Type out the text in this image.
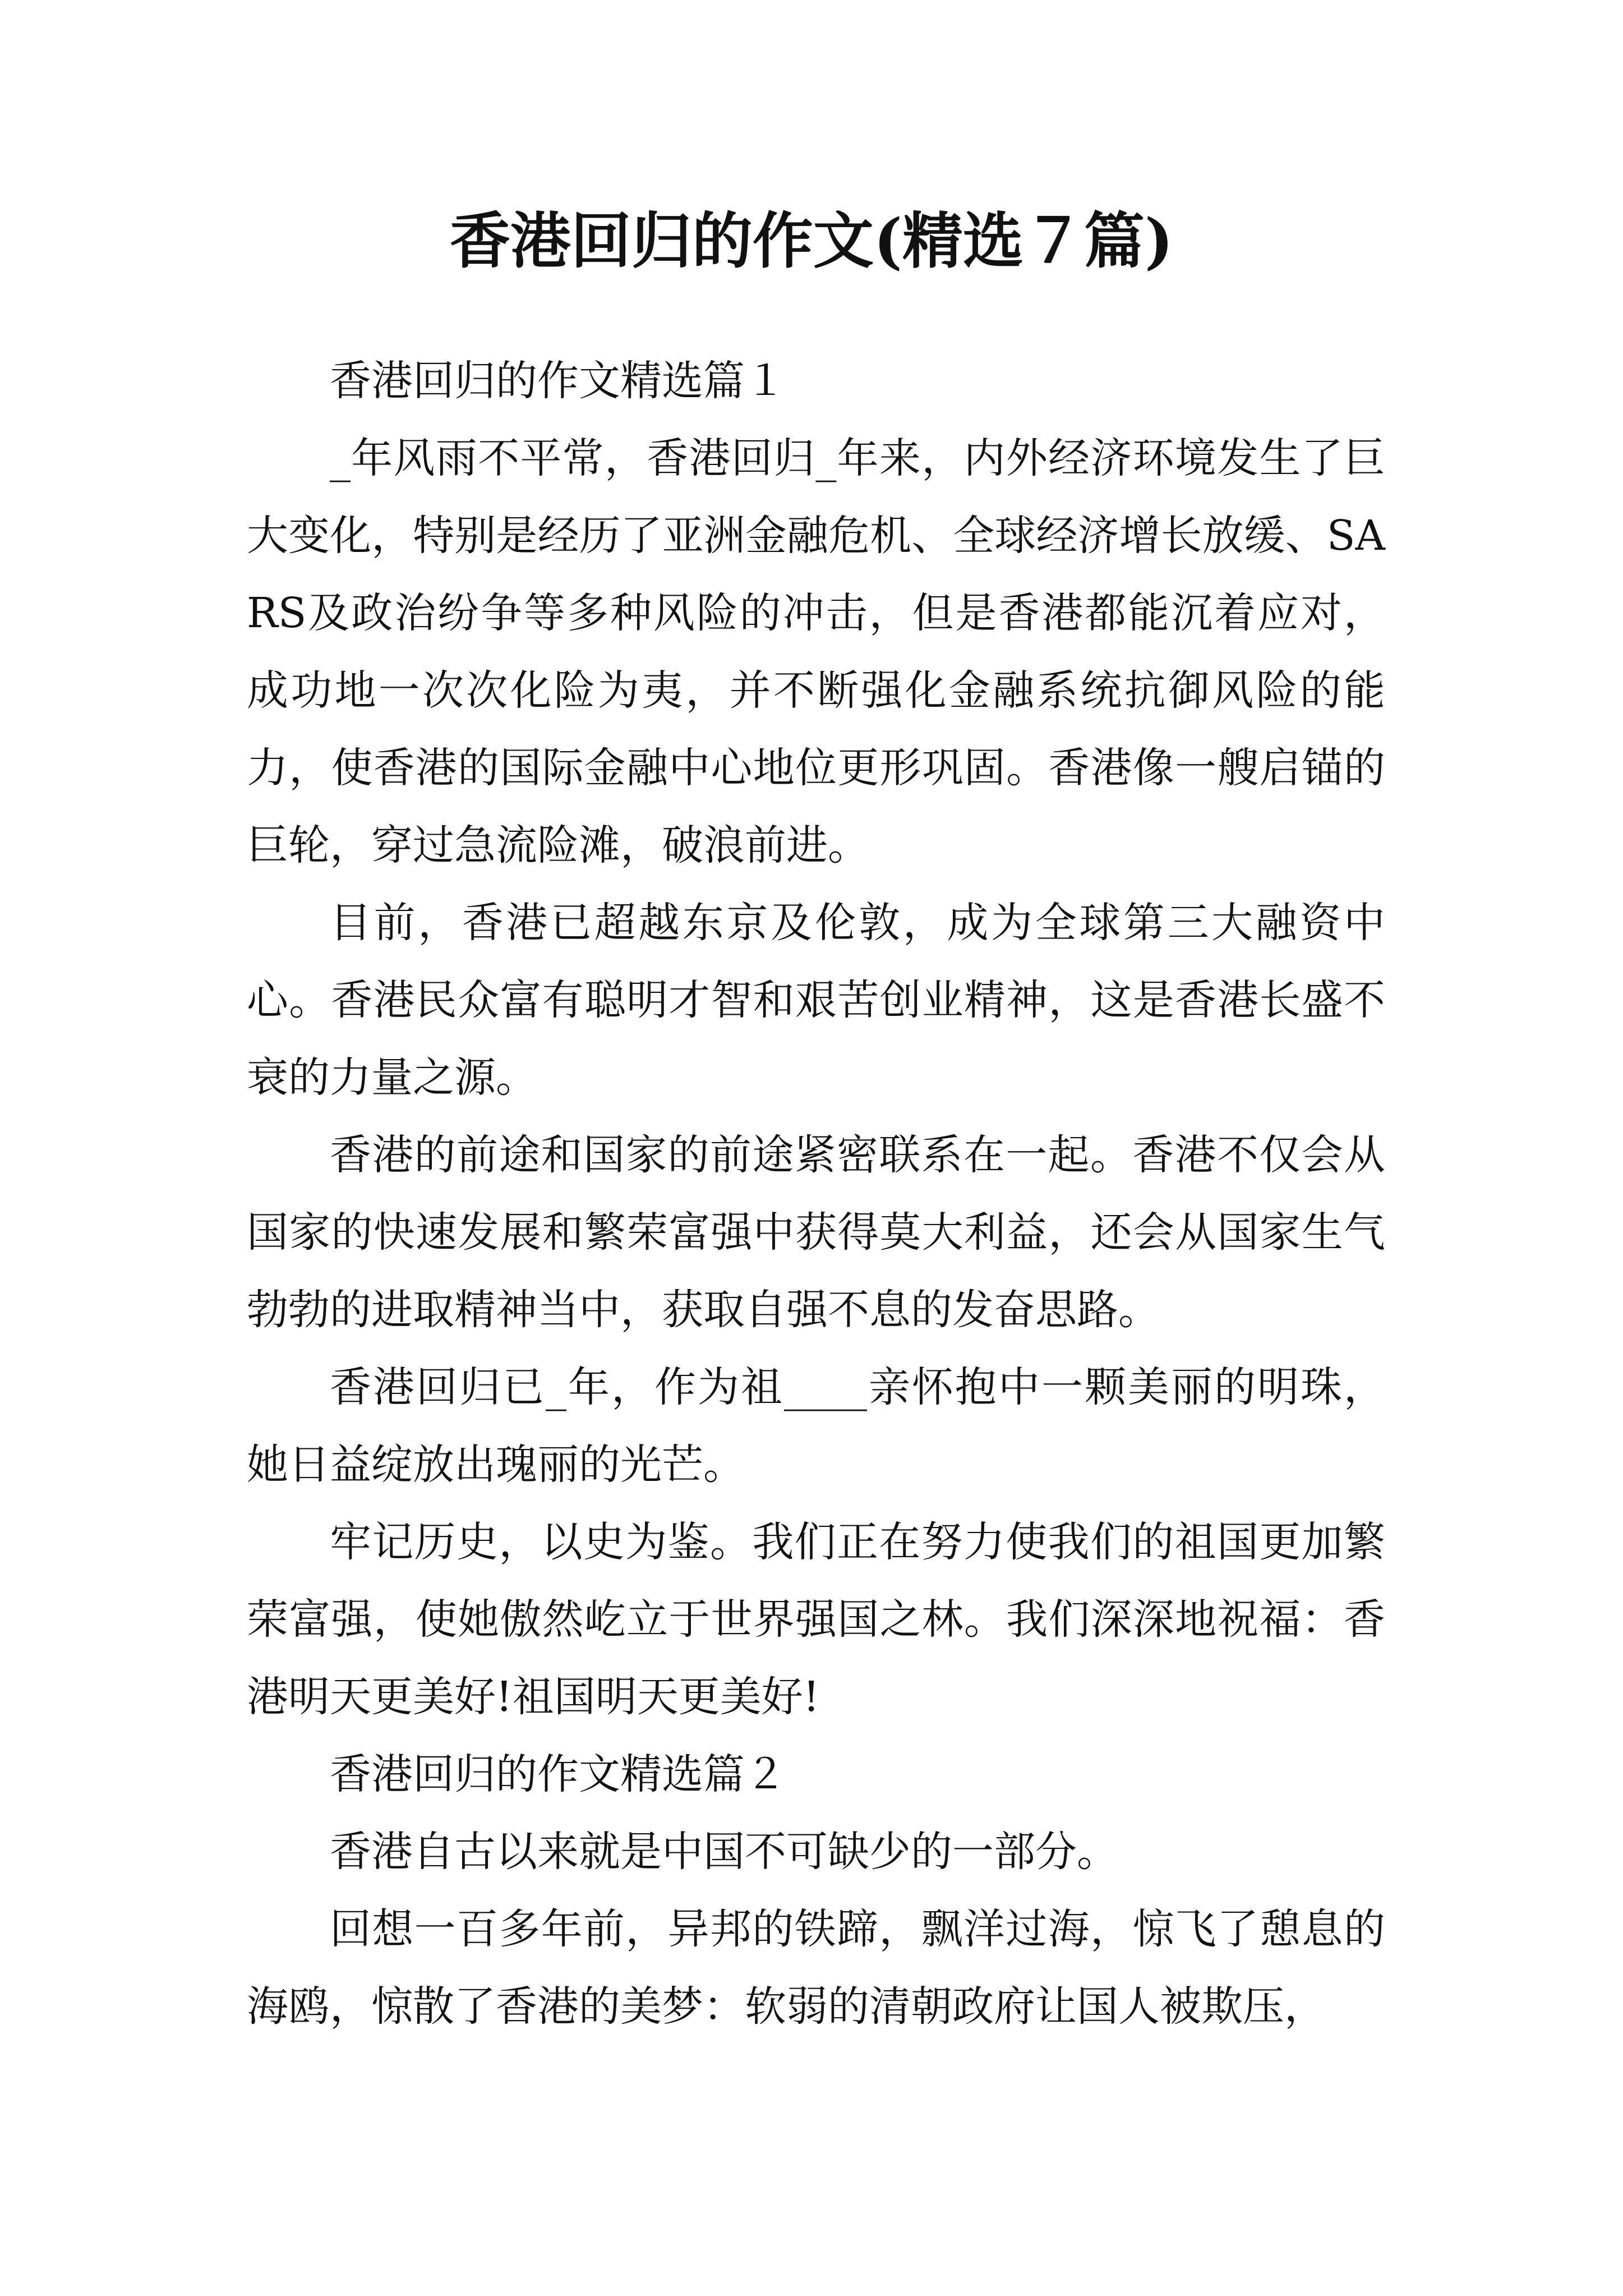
香港回归的作文(精选７篇)

香港回归的作文精选篇１

_年风雨不平常，香港回归_年来，内外经济环境发生了巨大变化，特别是经历了亚洲金融危机、全球经济增长放缓、SARS及政治纷争等多种风险的冲击，但是香港都能沉着应对，成功地一次次化险为夷，并不断强化金融系统抗御风险的能力，使香港的国际金融中心地位更形巩固。香港像一艘启锚的巨轮，穿过急流险滩，破浪前进。

目前，香港已超越东京及伦敦，成为全球第三大融资中心。香港民众富有聪明才智和艰苦创业精神，这是香港长盛不衰的力量之源。

香港的前途和国家的前途紧密联系在一起。香港不仅会从国家的快速发展和繁荣富强中获得莫大利益，还会从国家生气勃勃的进取精神当中，获取自强不息的发奋思路。

香港回归已_年，作为祖____亲怀抱中一颗美丽的明珠，她日益绽放出瑰丽的光芒。

牢记历史，以史为鉴。我们正在努力使我们的祖国更加繁荣富强，使她傲然屹立于世界强国之林。我们深深地祝福：香港明天更美好!祖国明天更美好!

香港回归的作文精选篇２

香港自古以来就是中国不可缺少的一部分。

回想一百多年前，异邦的铁蹄，飘洋过海，惊飞了憩息的海鸥，惊散了香港的美梦：软弱的清朝政府让国人被欺压，
